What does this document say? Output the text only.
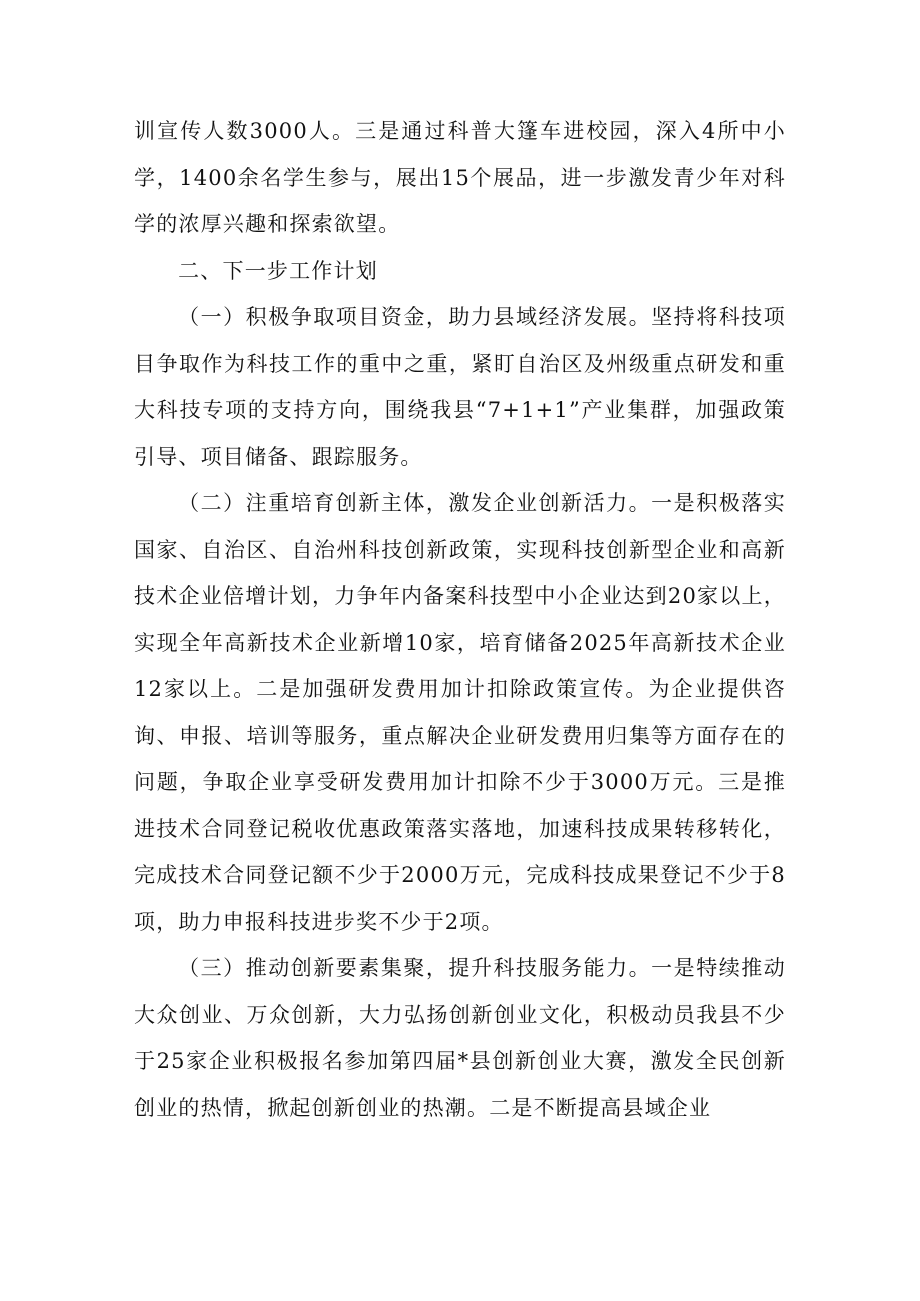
训宣传人数3000人。三是通过科普大篷车进校园，深入4所中小学，1400余名学生参与，展出15个展品，进一步激发青少年对科学的浓厚兴趣和探索欲望。

二、下一步工作计划

（一）积极争取项目资金，助力县域经济发展。坚持将科技项目争取作为科技工作的重中之重，紧盯自治区及州级重点研发和重大科技专项的支持方向，围绕我县“7+1+1”产业集群，加强政策引导、项目储备、跟踪服务。

（二）注重培育创新主体，激发企业创新活力。一是积极落实国家、自治区、自治州科技创新政策，实现科技创新型企业和高新技术企业倍增计划，力争年内备案科技型中小企业达到20家以上，实现全年高新技术企业新增10家，培育储备2025年高新技术企业12家以上。二是加强研发费用加计扣除政策宣传。为企业提供咨询、申报、培训等服务，重点解决企业研发费用归集等方面存在的问题，争取企业享受研发费用加计扣除不少于3000万元。三是推进技术合同登记税收优惠政策落实落地，加速科技成果转移转化，完成技术合同登记额不少于2000万元，完成科技成果登记不少于8项，助力申报科技进步奖不少于2项。

（三）推动创新要素集聚，提升科技服务能力。一是特续推动大众创业、万众创新，大力弘扬创新创业文化，积极动员我县不少于25家企业积极报名参加第四届*县创新创业大赛，激发全民创新创业的热情，掀起创新创业的热潮。二是不断提高县域企业
